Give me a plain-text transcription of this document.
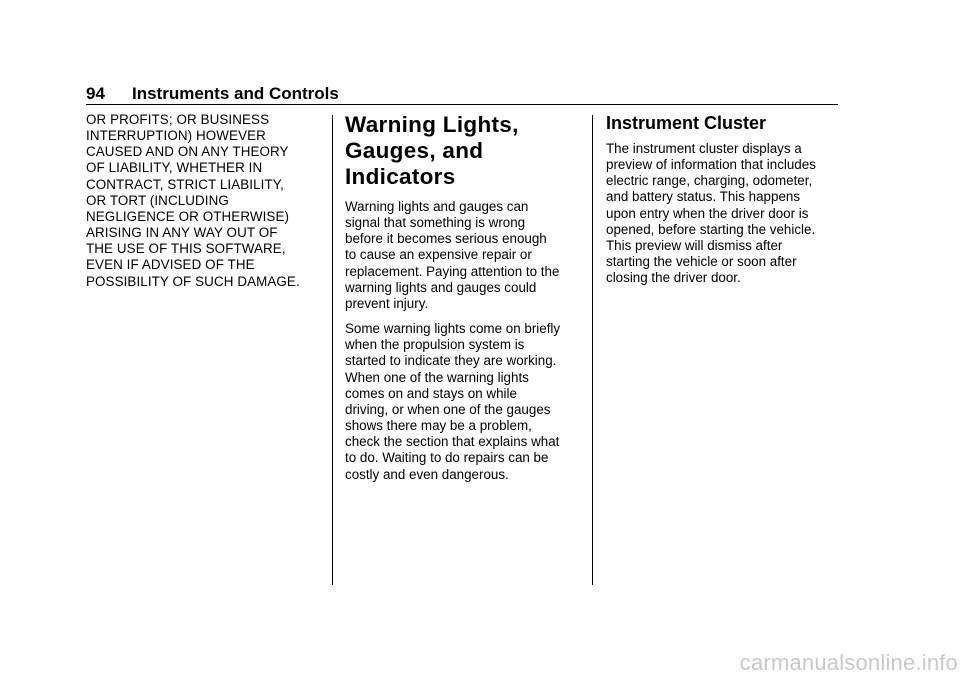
94 Instruments and Controls

OR PROFITS; OR BUSINESS
INTERRUPTION) HOWEVER
CAUSED AND ON ANY THEORY
OF LIABILITY, WHETHER IN
CONTRACT, STRICT LIABILITY,
OR TORT (INCLUDING
NEGLIGENCE OR OTHERWISE)
ARISING IN ANY WAY OUT OF
THE USE OF THIS SOFTWARE,
EVEN IF ADVISED OF THE
POSSIBILITY OF SUCH DAMAGE.

Warning Lights,
Gauges, and
Indicators

Warning lights and gauges can
signal that something is wrong
before it becomes serious enough
to cause an expensive repair or
replacement. Paying attention to the
warning lights and gauges could
prevent injury.

Some warning lights come on briefly
when the propulsion system is
started to indicate they are working.
When one of the warning lights
comes on and stays on while
driving, or when one of the gauges
shows there may be a problem,
check the section that explains what
to do. Waiting to do repairs can be
costly and even dangerous.

Instrument Cluster

The instrument cluster displays a
preview of information that includes
electric range, charging, odometer,
and battery status. This happens
upon entry when the driver door is
opened, before starting the vehicle.
This preview will dismiss after
starting the vehicle or soon after
closing the driver door.

carmanualsonline.info
